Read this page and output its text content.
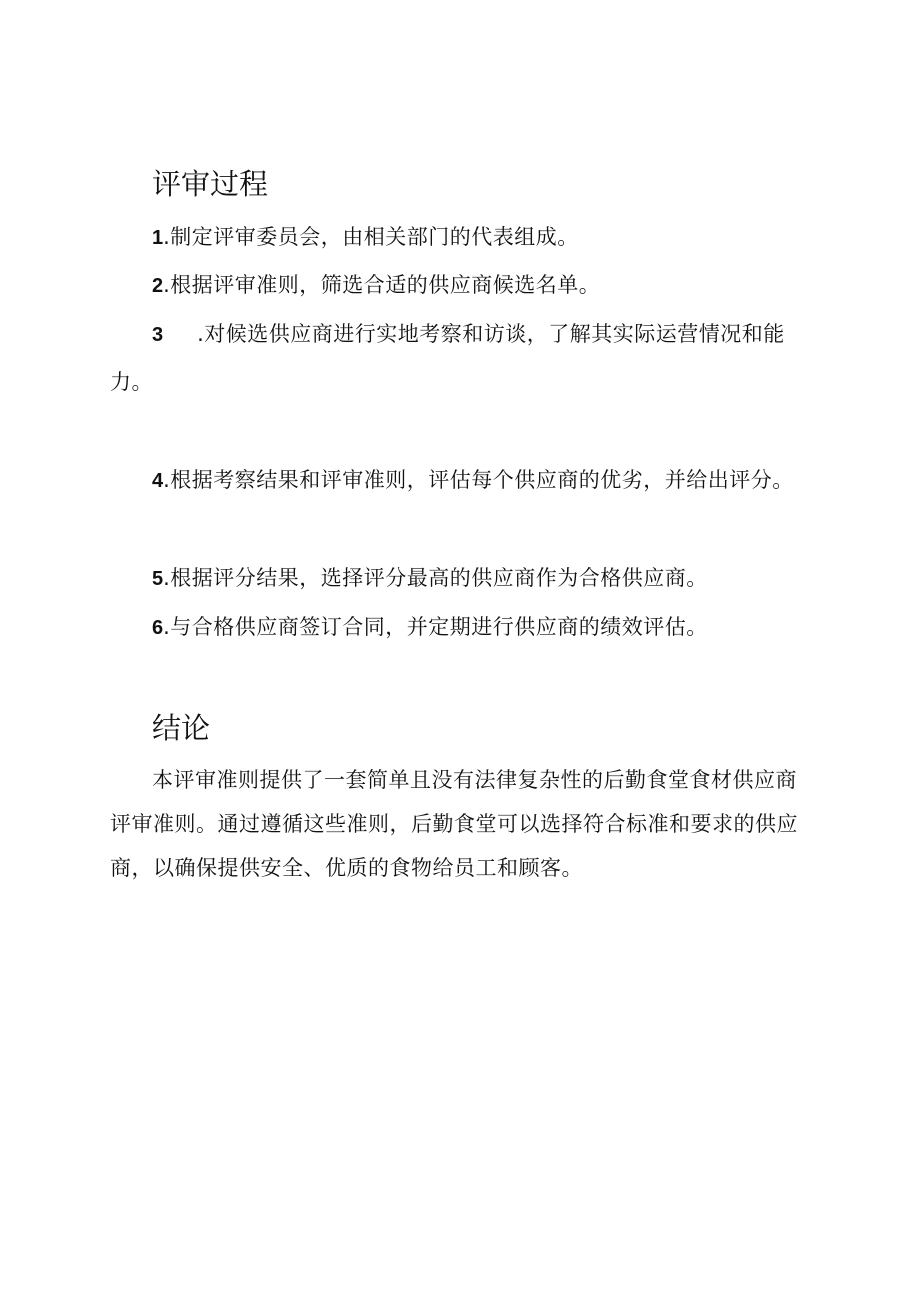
评审过程

1.制定评审委员会，由相关部门的代表组成。

2.根据评审准则，筛选合适的供应商候选名单。

3 .对候选供应商进行实地考察和访谈，了解其实际运营情况和能力。

4.根据考察结果和评审准则，评估每个供应商的优劣，并给出评分。

5.根据评分结果，选择评分最高的供应商作为合格供应商。

6.与合格供应商签订合同，并定期进行供应商的绩效评估。

结论

本评审准则提供了一套简单且没有法律复杂性的后勤食堂食材供应商评审准则。通过遵循这些准则，后勤食堂可以选择符合标准和要求的供应商，以确保提供安全、优质的食物给员工和顾客。
